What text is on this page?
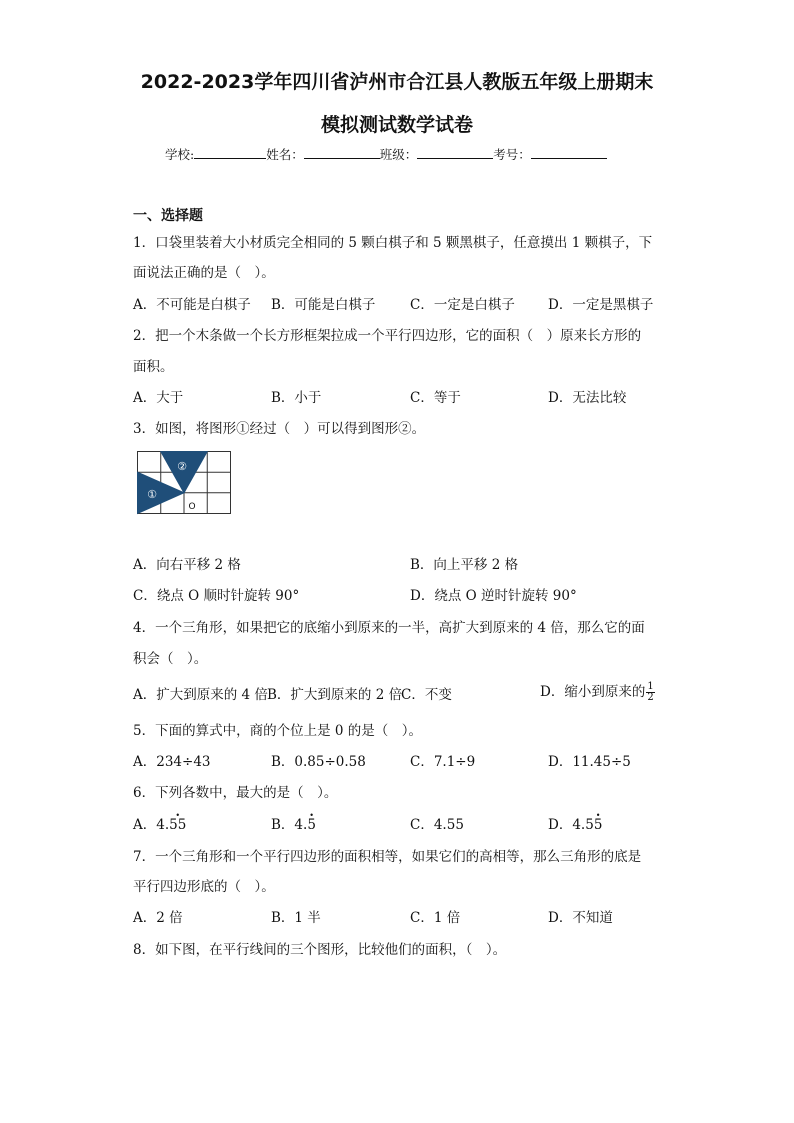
2022-2023学年四川省泸州市合江县人教版五年级上册期末
模拟测试数学试卷
学校:	姓名：	班级：	考号：
一、选择题
1．口袋里装着大小材质完全相同的 5 颗白棋子和 5 颗黑棋子，任意摸出 1 颗棋子，下
面说法正确的是（　）。
A．不可能是白棋子 B．可能是白棋子	C．一定是白棋子 D．一定是黑棋子
2．把一个木条做一个长方形框架拉成一个平行四边形，它的面积（　）原来长方形的
面积。
A．大于	B．小于	C．等于	D．无法比较
3．如图，将图形①经过（　）可以得到图形②。
①
②
O
A．向右平移 2 格	B．向上平移 2 格
C．绕点 O 顺时针旋转 90°	D．绕点 O 逆时针旋转 90°
4．一个三角形，如果把它的底缩小到原来的一半，高扩大到原来的 4 倍，那么它的面
积会（　）。
A．扩大到原来的 4 倍 B．扩大到原来的 2 倍
C．不变	D．缩小到原来的 $\frac{1}{2}$
5．下面的算式中，商的个位上是 0 的是（　）。
A．234÷43	B．0.85÷0.58	C．7.1÷9	D．11.45÷5
6．下列各数中，最大的是（　）。
A．4.• 55	B．4.• 5	C．4.55	D．4.5• 5
7．一个三角形和一个平行四边形的面积相等，如果它们的高相等，那么三角形的底是
平行四边形底的（　）。
A．2 倍	B．1 半	C．1 倍	D．不知道
8．如下图，在平行线间的三个图形，比较他们的面积，（　）。
